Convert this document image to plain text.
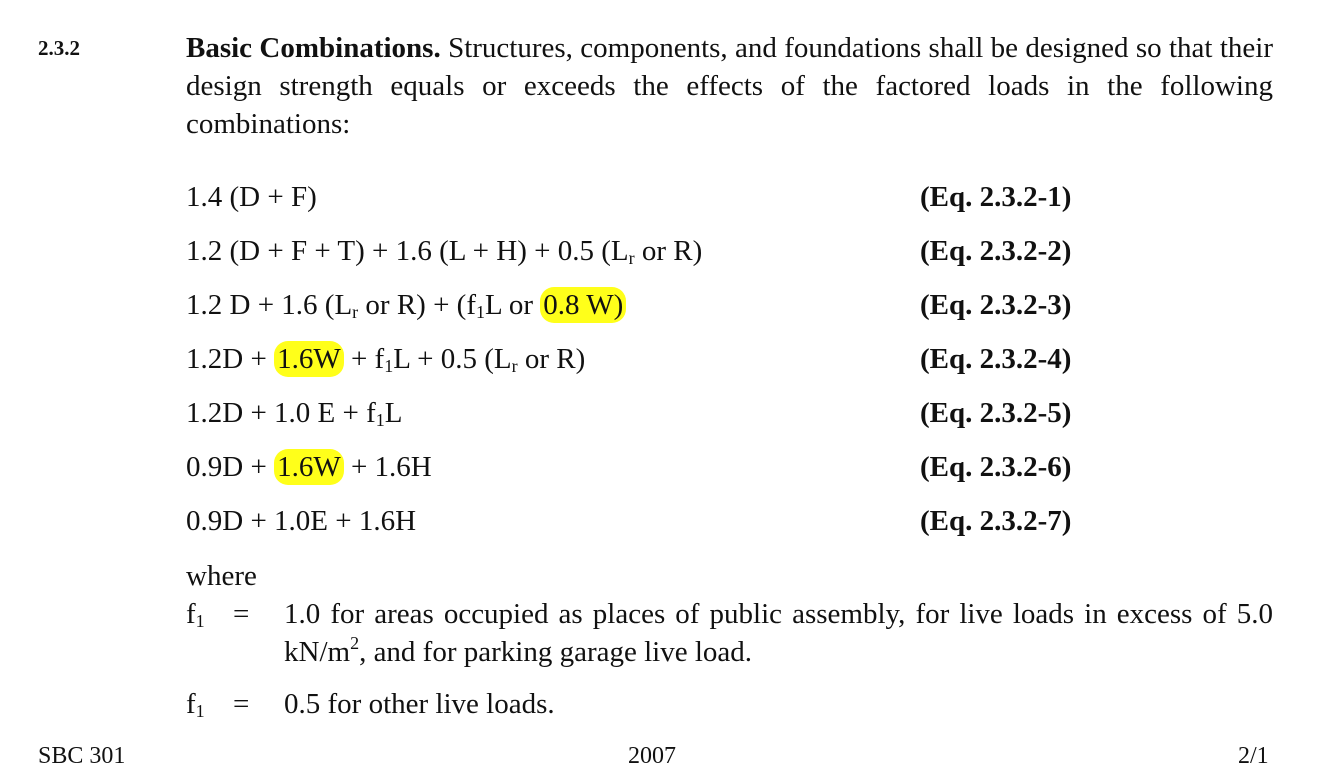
2.3.2	Basic Combinations. Structures, components, and foundations shall be designed so that their design strength equals or exceeds the effects of the factored loads in the following combinations:
1.4 (D + F)	(Eq. 2.3.2-1)
1.2 (D + F + T) + 1.6 (L + H) + 0.5 ($L_r$ or R)	(Eq. 2.3.2-2)
1.2 D + 1.6 ($L_r$ or $R) + (f_1L$ or 0.8 W)	(Eq. 2.3.2-3)
$1.2D + 1.6W + f_1L + 0.5$ ($L_r$ or R)	(Eq. 2.3.2-4)
1.2D + 1.0 $E + f_1L$	(Eq. 2.3.2-5)
0.9D + 1.6W + 1.6H	(Eq. 2.3.2-6)
0.9D + 1.0E + 1.6H	(Eq. 2.3.2-7)
where
$f_1 = 1.0$ for areas occupied as places of public assembly, for live loads in excess of 5.0 $kN/m^2$, and for parking garage live load.
$f_1 = 0.5$ for other live loads.
SBC 301	2007	2/1
